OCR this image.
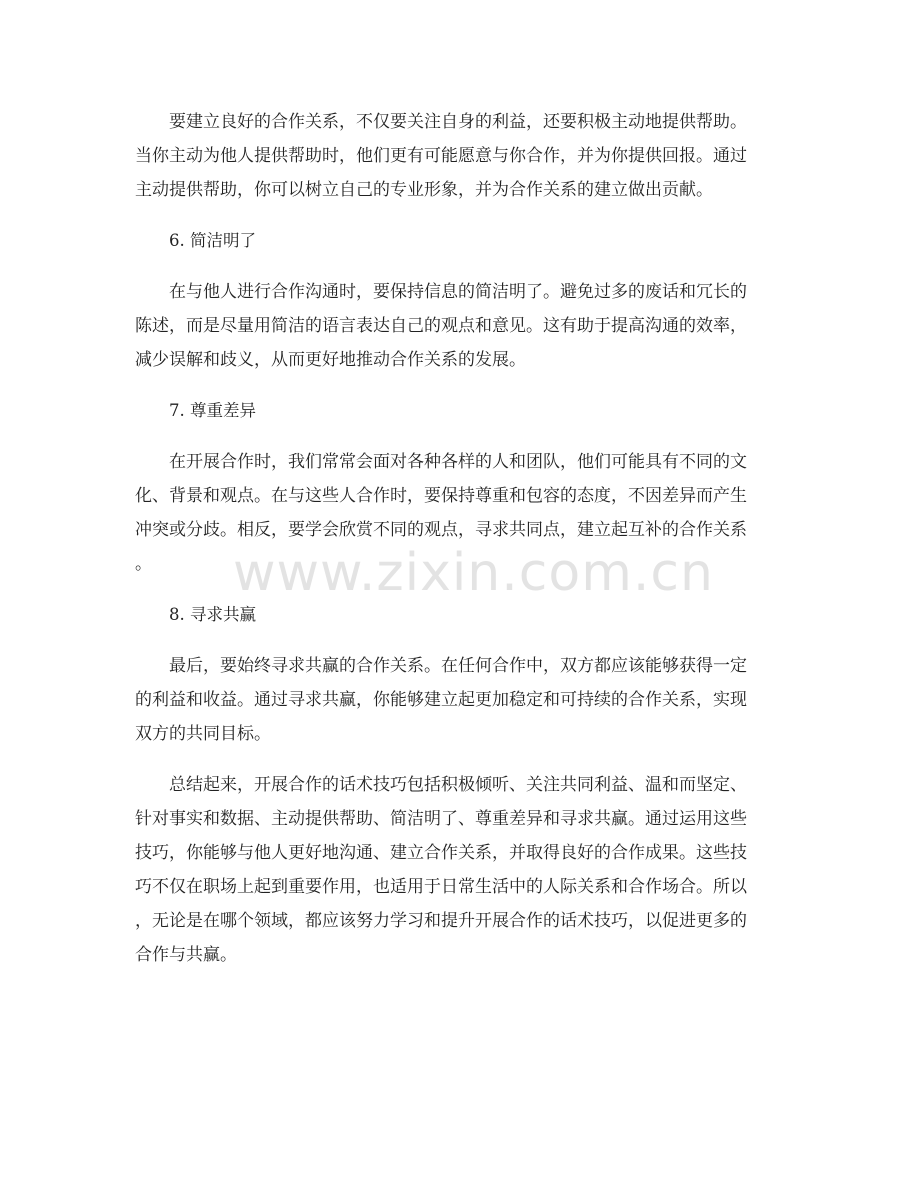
要建立良好的合作关系，不仅要关注自身的利益，还要积极主动地提供帮助。
当你主动为他人提供帮助时，他们更有可能愿意与你合作，并为你提供回报。通过
主动提供帮助，你可以树立自己的专业形象，并为合作关系的建立做出贡献。
6. 简洁明了
在与他人进行合作沟通时，要保持信息的简洁明了。避免过多的废话和冗长的
陈述，而是尽量用简洁的语言表达自己的观点和意见。这有助于提高沟通的效率，
减少误解和歧义，从而更好地推动合作关系的发展。
7. 尊重差异
在开展合作时，我们常常会面对各种各样的人和团队，他们可能具有不同的文
化、背景和观点。在与这些人合作时，要保持尊重和包容的态度，不因差异而产生
冲突或分歧。相反，要学会欣赏不同的观点，寻求共同点，建立起互补的合作关系
。
8. 寻求共赢
最后，要始终寻求共赢的合作关系。在任何合作中，双方都应该能够获得一定
的利益和收益。通过寻求共赢，你能够建立起更加稳定和可持续的合作关系，实现
双方的共同目标。
总结起来，开展合作的话术技巧包括积极倾听、关注共同利益、温和而坚定、
针对事实和数据、主动提供帮助、简洁明了、尊重差异和寻求共赢。通过运用这些
技巧，你能够与他人更好地沟通、建立合作关系，并取得良好的合作成果。这些技
巧不仅在职场上起到重要作用，也适用于日常生活中的人际关系和合作场合。所以
，无论是在哪个领域，都应该努力学习和提升开展合作的话术技巧，以促进更多的
合作与共赢。
www.zixin.com.cn
